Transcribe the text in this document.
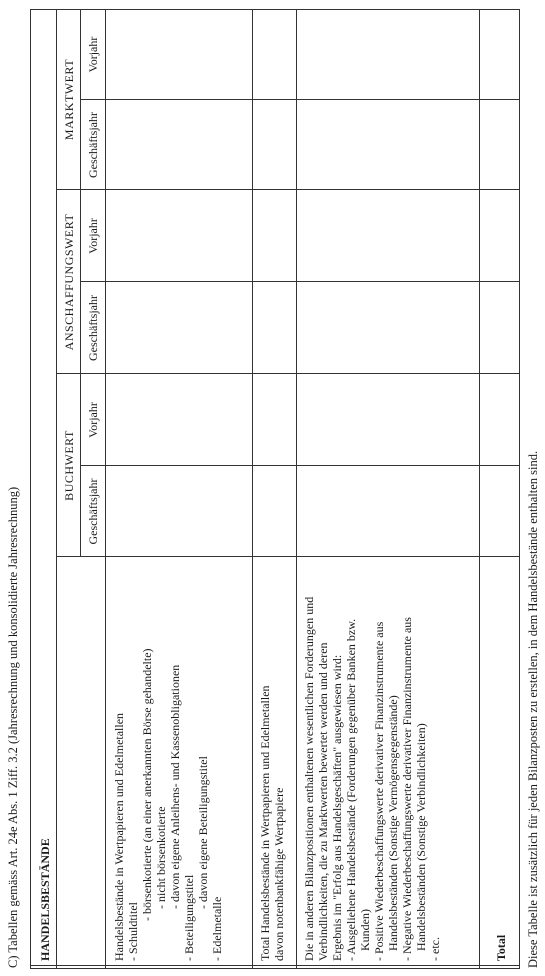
C) Tabellen gemäss Art. 24e Abs. 1 Ziff. 3.2 (Jahresrechnung und konsolidierte Jahresrechnung) HANDELSBESTÄNDE
BUCHWERT
ANSCHAFFUNGSWERT
MARKTWERT
Geschäftsjahr
Vorjahr
Geschäftsjahr
Vorjahr
Geschäftsjahr
Vorjahr
Handelsbestände in Wertpapieren und Edelmetallen - Schuldtitel
- börsenkotierte (an einer anerkannten Börse gehandelte) - nicht börsenkotierte - davon eigene Anleihens- und Kassenobligationen
- Beteiligungstitel
- davon eigene Beteiligungstitel
- Edelmetalle	Total Handelsbestände in Wertpapieren und Edelmetallen davon notenbankfähige Wertpapiere Die in anderen Bilanzpositionen enthaltenen wesentlichen Forderungen und Verbindlichkeiten, die zu Marktwerten bewertet werden und deren Ergebnis im "Erfolg aus Handelsgeschäften" ausgewiesen wird: - Ausgeliehene Handelsbestände (Forderungen gegenüber Banken bzw. Kunden) - Positive Wiederbeschaffungswerte derivativer Finanzinstrumente aus Handelsbeständen (Sonstige Vermögensgegenstände) - Negative Wiederbeschaffungswerte derivativer Finanzinstrumente aus Handelsbeständen (Sonstige Verbindlichkeiten) - etc.	Total Diese Tabelle ist zusätzlich für jeden Bilanzposten zu erstellen, in dem Handelsbestände enthalten sind.
